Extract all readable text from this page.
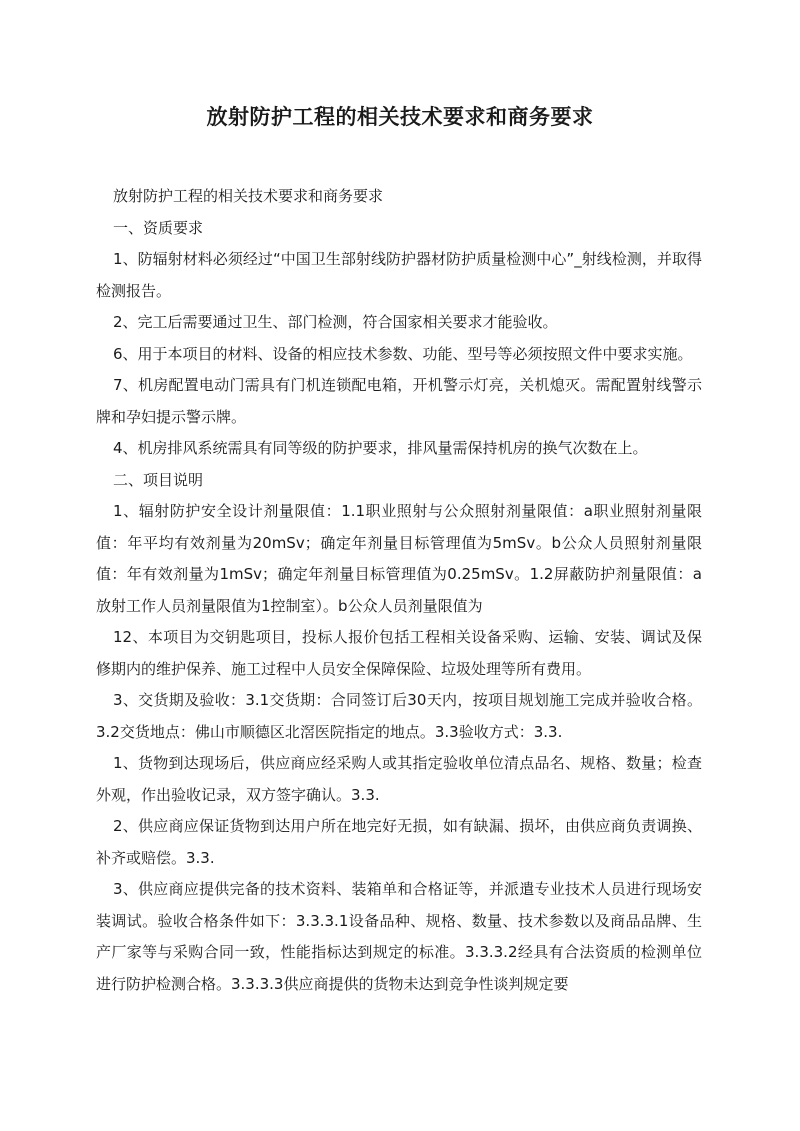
放射防护工程的相关技术要求和商务要求

放射防护工程的相关技术要求和商务要求

一、资质要求

1、防辐射材料必须经过“中国卫生部射线防护器材防护质量检测中心”_射线检测，并取得检测报告。

2、完工后需要通过卫生、部门检测，符合国家相关要求才能验收。

6、用于本项目的材料、设备的相应技术参数、功能、型号等必须按照文件中要求实施。

7、机房配置电动门需具有门机连锁配电箱，开机警示灯亮，关机熄灭。需配置射线警示牌和孕妇提示警示牌。

4、机房排风系统需具有同等级的防护要求，排风量需保持机房的换气次数在上。

二、项目说明

1、辐射防护安全设计剂量限值：1.1职业照射与公众照射剂量限值：a职业照射剂量限值：年平均有效剂量为20mSv；确定年剂量目标管理值为5mSv。b公众人员照射剂量限值：年有效剂量为1mSv；确定年剂量目标管理值为0.25mSv。1.2屏蔽防护剂量限值：a放射工作人员剂量限值为1控制室）。b公众人员剂量限值为

12、本项目为交钥匙项目，投标人报价包括工程相关设备采购、运输、安装、调试及保修期内的维护保养、施工过程中人员安全保障保险、垃圾处理等所有费用。

3、交货期及验收：3.1交货期：合同签订后30天内，按项目规划施工完成并验收合格。3.2交货地点：佛山市顺德区北滘医院指定的地点。3.3验收方式：3.3.

1、货物到达现场后，供应商应经采购人或其指定验收单位清点品名、规格、数量；检查外观，作出验收记录，双方签字确认。3.3.

2、供应商应保证货物到达用户所在地完好无损，如有缺漏、损坏，由供应商负责调换、补齐或赔偿。3.3.

3、供应商应提供完备的技术资料、装箱单和合格证等，并派遣专业技术人员进行现场安装调试。验收合格条件如下：3.3.3.1设备品种、规格、数量、技术参数以及商品品牌、生产厂家等与采购合同一致，性能指标达到规定的标准。3.3.3.2经具有合法资质的检测单位进行防护检测合格。3.3.3.3供应商提供的货物未达到竞争性谈判规定要
